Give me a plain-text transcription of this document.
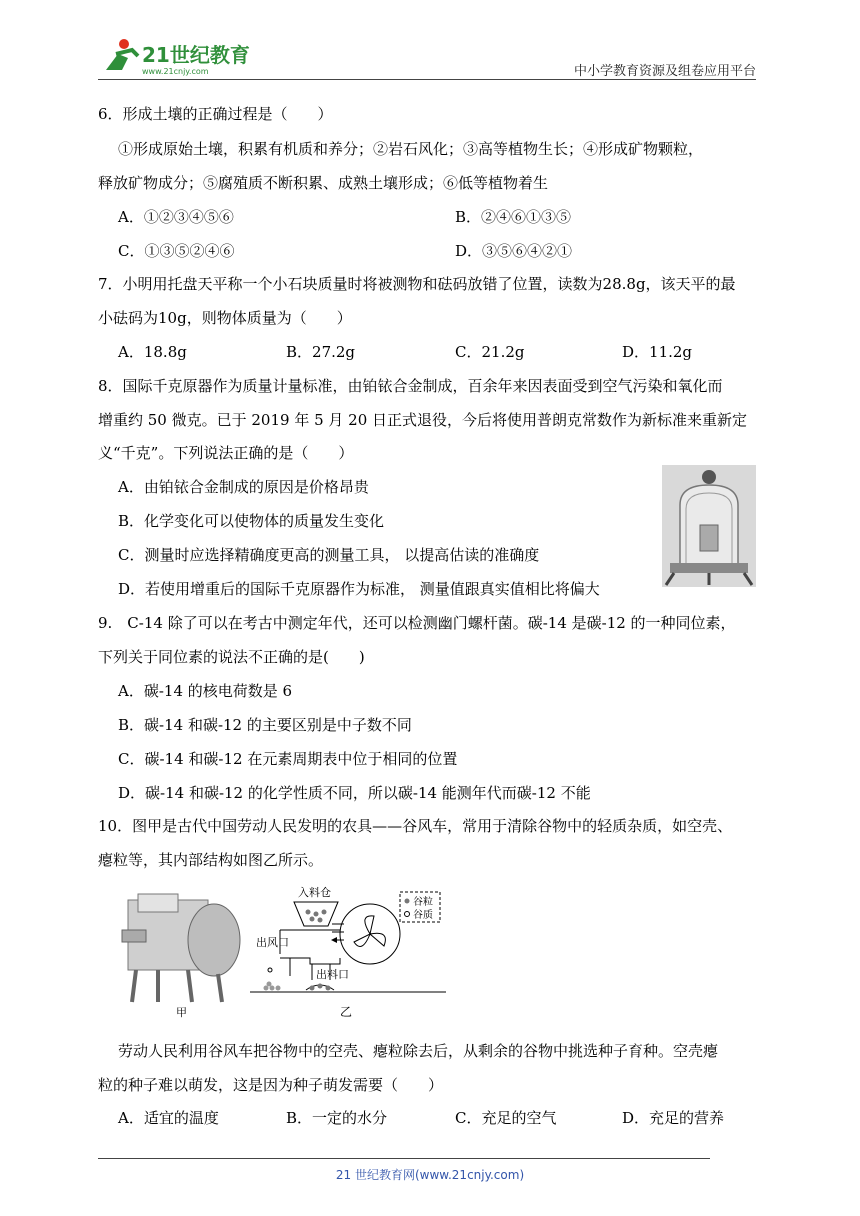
21世纪教育
www.21cnjy.com	中小学教育资源及组卷应用平台
6．形成土壤的正确过程是（　　）
①形成原始土壤，积累有机质和养分；②岩石风化；③高等植物生长；④形成矿物颗粒，
释放矿物成分；⑤腐殖质不断积累、成熟土壤形成；⑥低等植物着生
A．①②③④⑤⑥	B．②④⑥①③⑤
C．①③⑤②④⑥	D．③⑤⑥④②①
7．小明用托盘天平称一个小石块质量时将被测物和砝码放错了位置，读数为28.8g，该天平的最
小砝码为10g，则物体质量为（　　）
A．18.8g	B．27.2g	C．21.2g	D．11.2g
8．国际千克原器作为质量计量标准，由铂铱合金制成，百余年来因表面受到空气污染和氧化而
增重约 50 微克。已于 2019 年 5 月 20 日正式退役，今后将使用普朗克常数作为新标准来重新定
义“千克”。下列说法正确的是（　　）
A．由铂铱合金制成的原因是价格昂贵
B．化学变化可以使物体的质量发生变化
C．测量时应选择精确度更高的测量工具， 以提高估读的准确度
D．若使用增重后的国际千克原器作为标准， 测量值跟真实值相比将偏大
9.　C-14 除了可以在考古中测定年代，还可以检测幽门螺杆菌。碳-14 是碳-12 的一种同位素，
下列关于同位素的说法不正确的是(　　)
A．碳-14 的核电荷数是 6
B．碳-14 和碳-12 的主要区别是中子数不同
C．碳-14 和碳-12 在元素周期表中位于相同的位置
D．碳-14 和碳-12 的化学性质不同，所以碳-14 能测年代而碳-12 不能
10．图甲是古代中国劳动人民发明的农具——谷风车，常用于清除谷物中的轻质杂质，如空壳、
瘪粒等，其内部结构如图乙所示。
甲
入料仓
出风口
出料口
乙
谷粒
谷质
劳动人民利用谷风车把谷物中的空壳、瘪粒除去后，从剩余的谷物中挑选种子育种。空壳瘪
粒的种子难以萌发，这是因为种子萌发需要（　　）
A．适宜的温度	B．一定的水分	C．充足的空气	D．充足的营养
21 世纪教育网(www.21cnjy.com)
